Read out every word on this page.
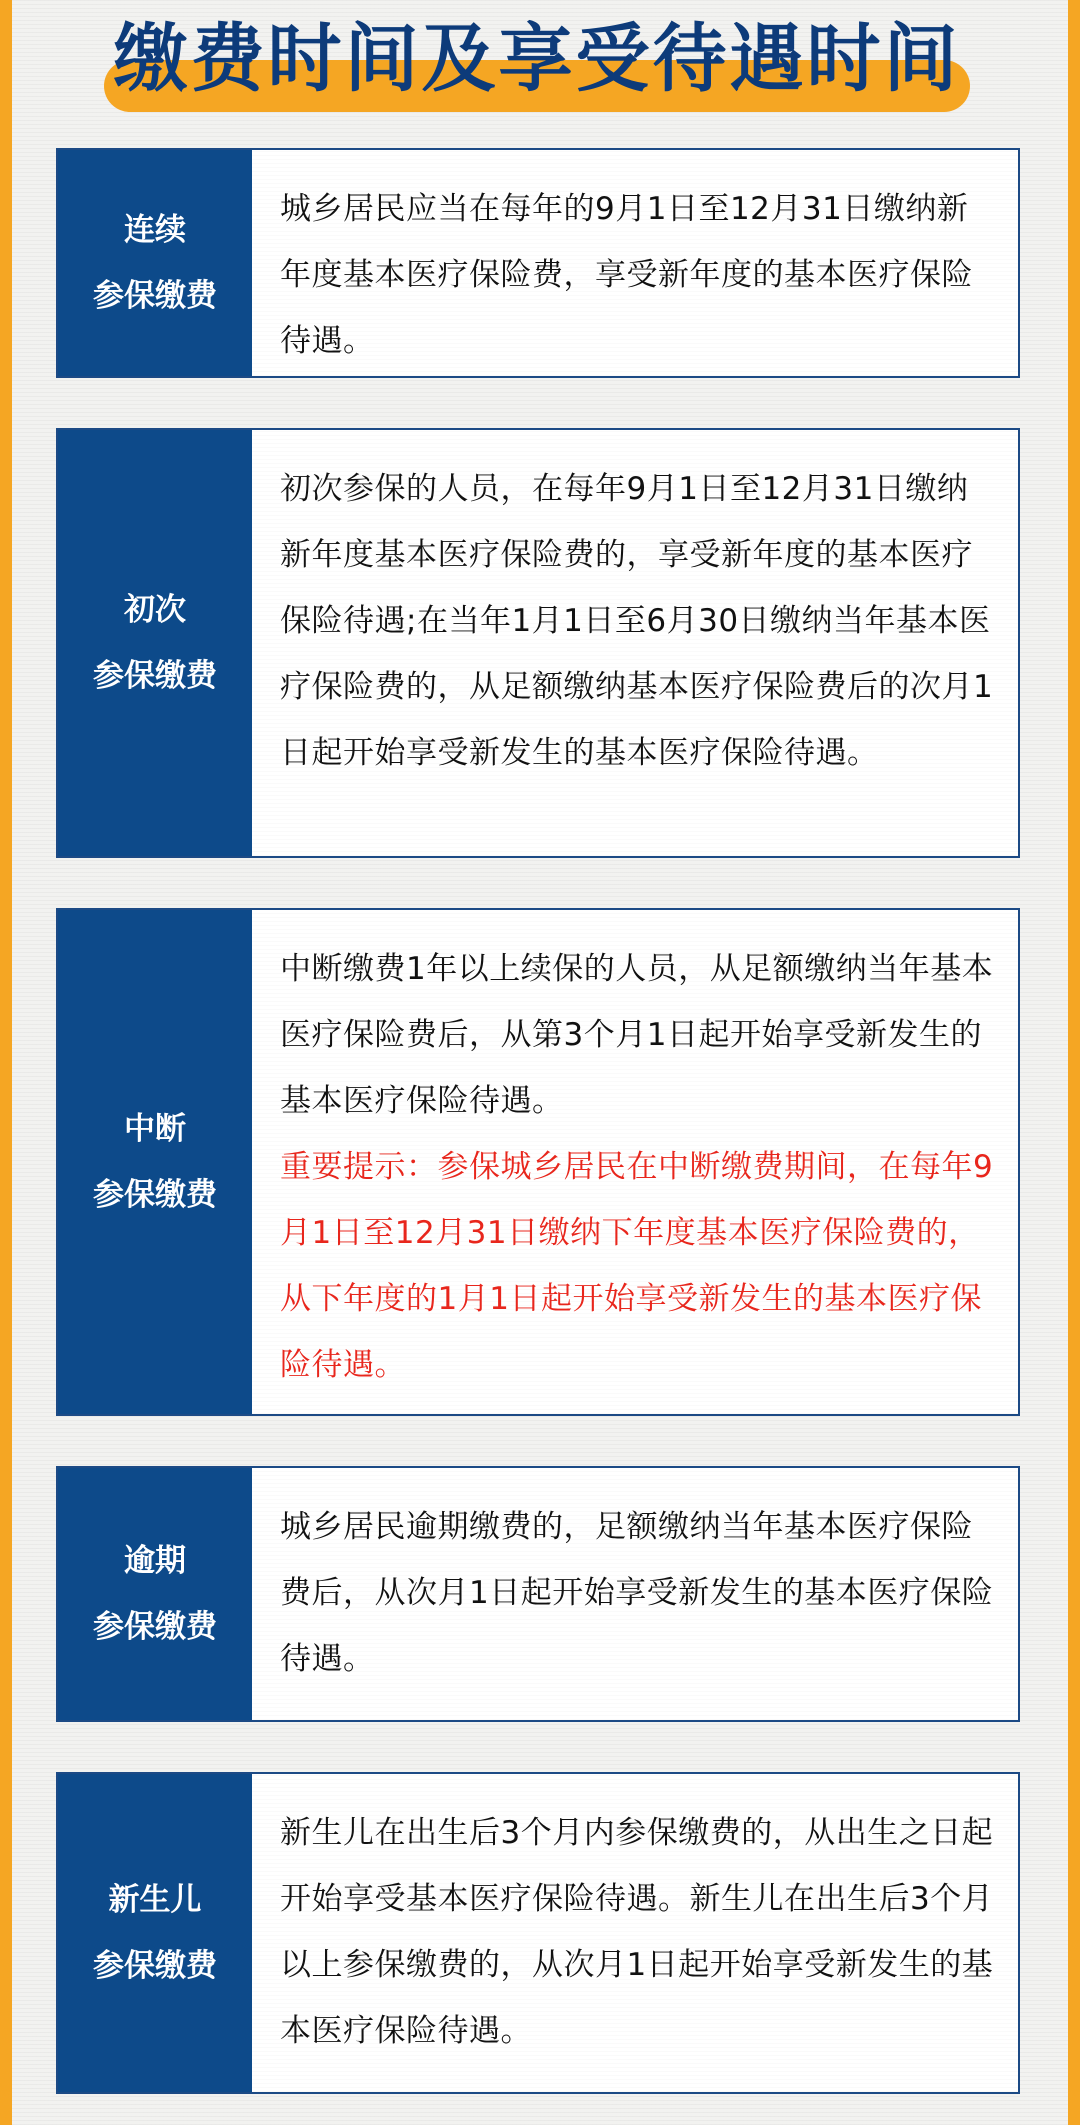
缴费时间及享受待遇时间
连续
参保缴费

城乡居民应当在每年的9月1日至12月31日缴纳新年度基本医疗保险费，享受新年度的基本医疗保险待遇。

初次
参保缴费

初次参保的人员，在每年9月1日至12月31日缴纳新年度基本医疗保险费的，享受新年度的基本医疗保险待遇;在当年1月1日至6月30日缴纳当年基本医疗保险费的，从足额缴纳基本医疗保险费后的次月1日起开始享受新发生的基本医疗保险待遇。

中断
参保缴费

中断缴费1年以上续保的人员，从足额缴纳当年基本医疗保险费后，从第3个月1日起开始享受新发生的基本医疗保险待遇。

重要提示：参保城乡居民在中断缴费期间，在每年9月1日至12月31日缴纳下年度基本医疗保险费的，从下年度的1月1日起开始享受新发生的基本医疗保险待遇。

逾期
参保缴费

城乡居民逾期缴费的，足额缴纳当年基本医疗保险费后，从次月1日起开始享受新发生的基本医疗保险待遇。

新生儿
参保缴费

新生儿在出生后3个月内参保缴费的，从出生之日起开始享受基本医疗保险待遇。新生儿在出生后3个月以上参保缴费的，从次月1日起开始享受新发生的基本医疗保险待遇。
